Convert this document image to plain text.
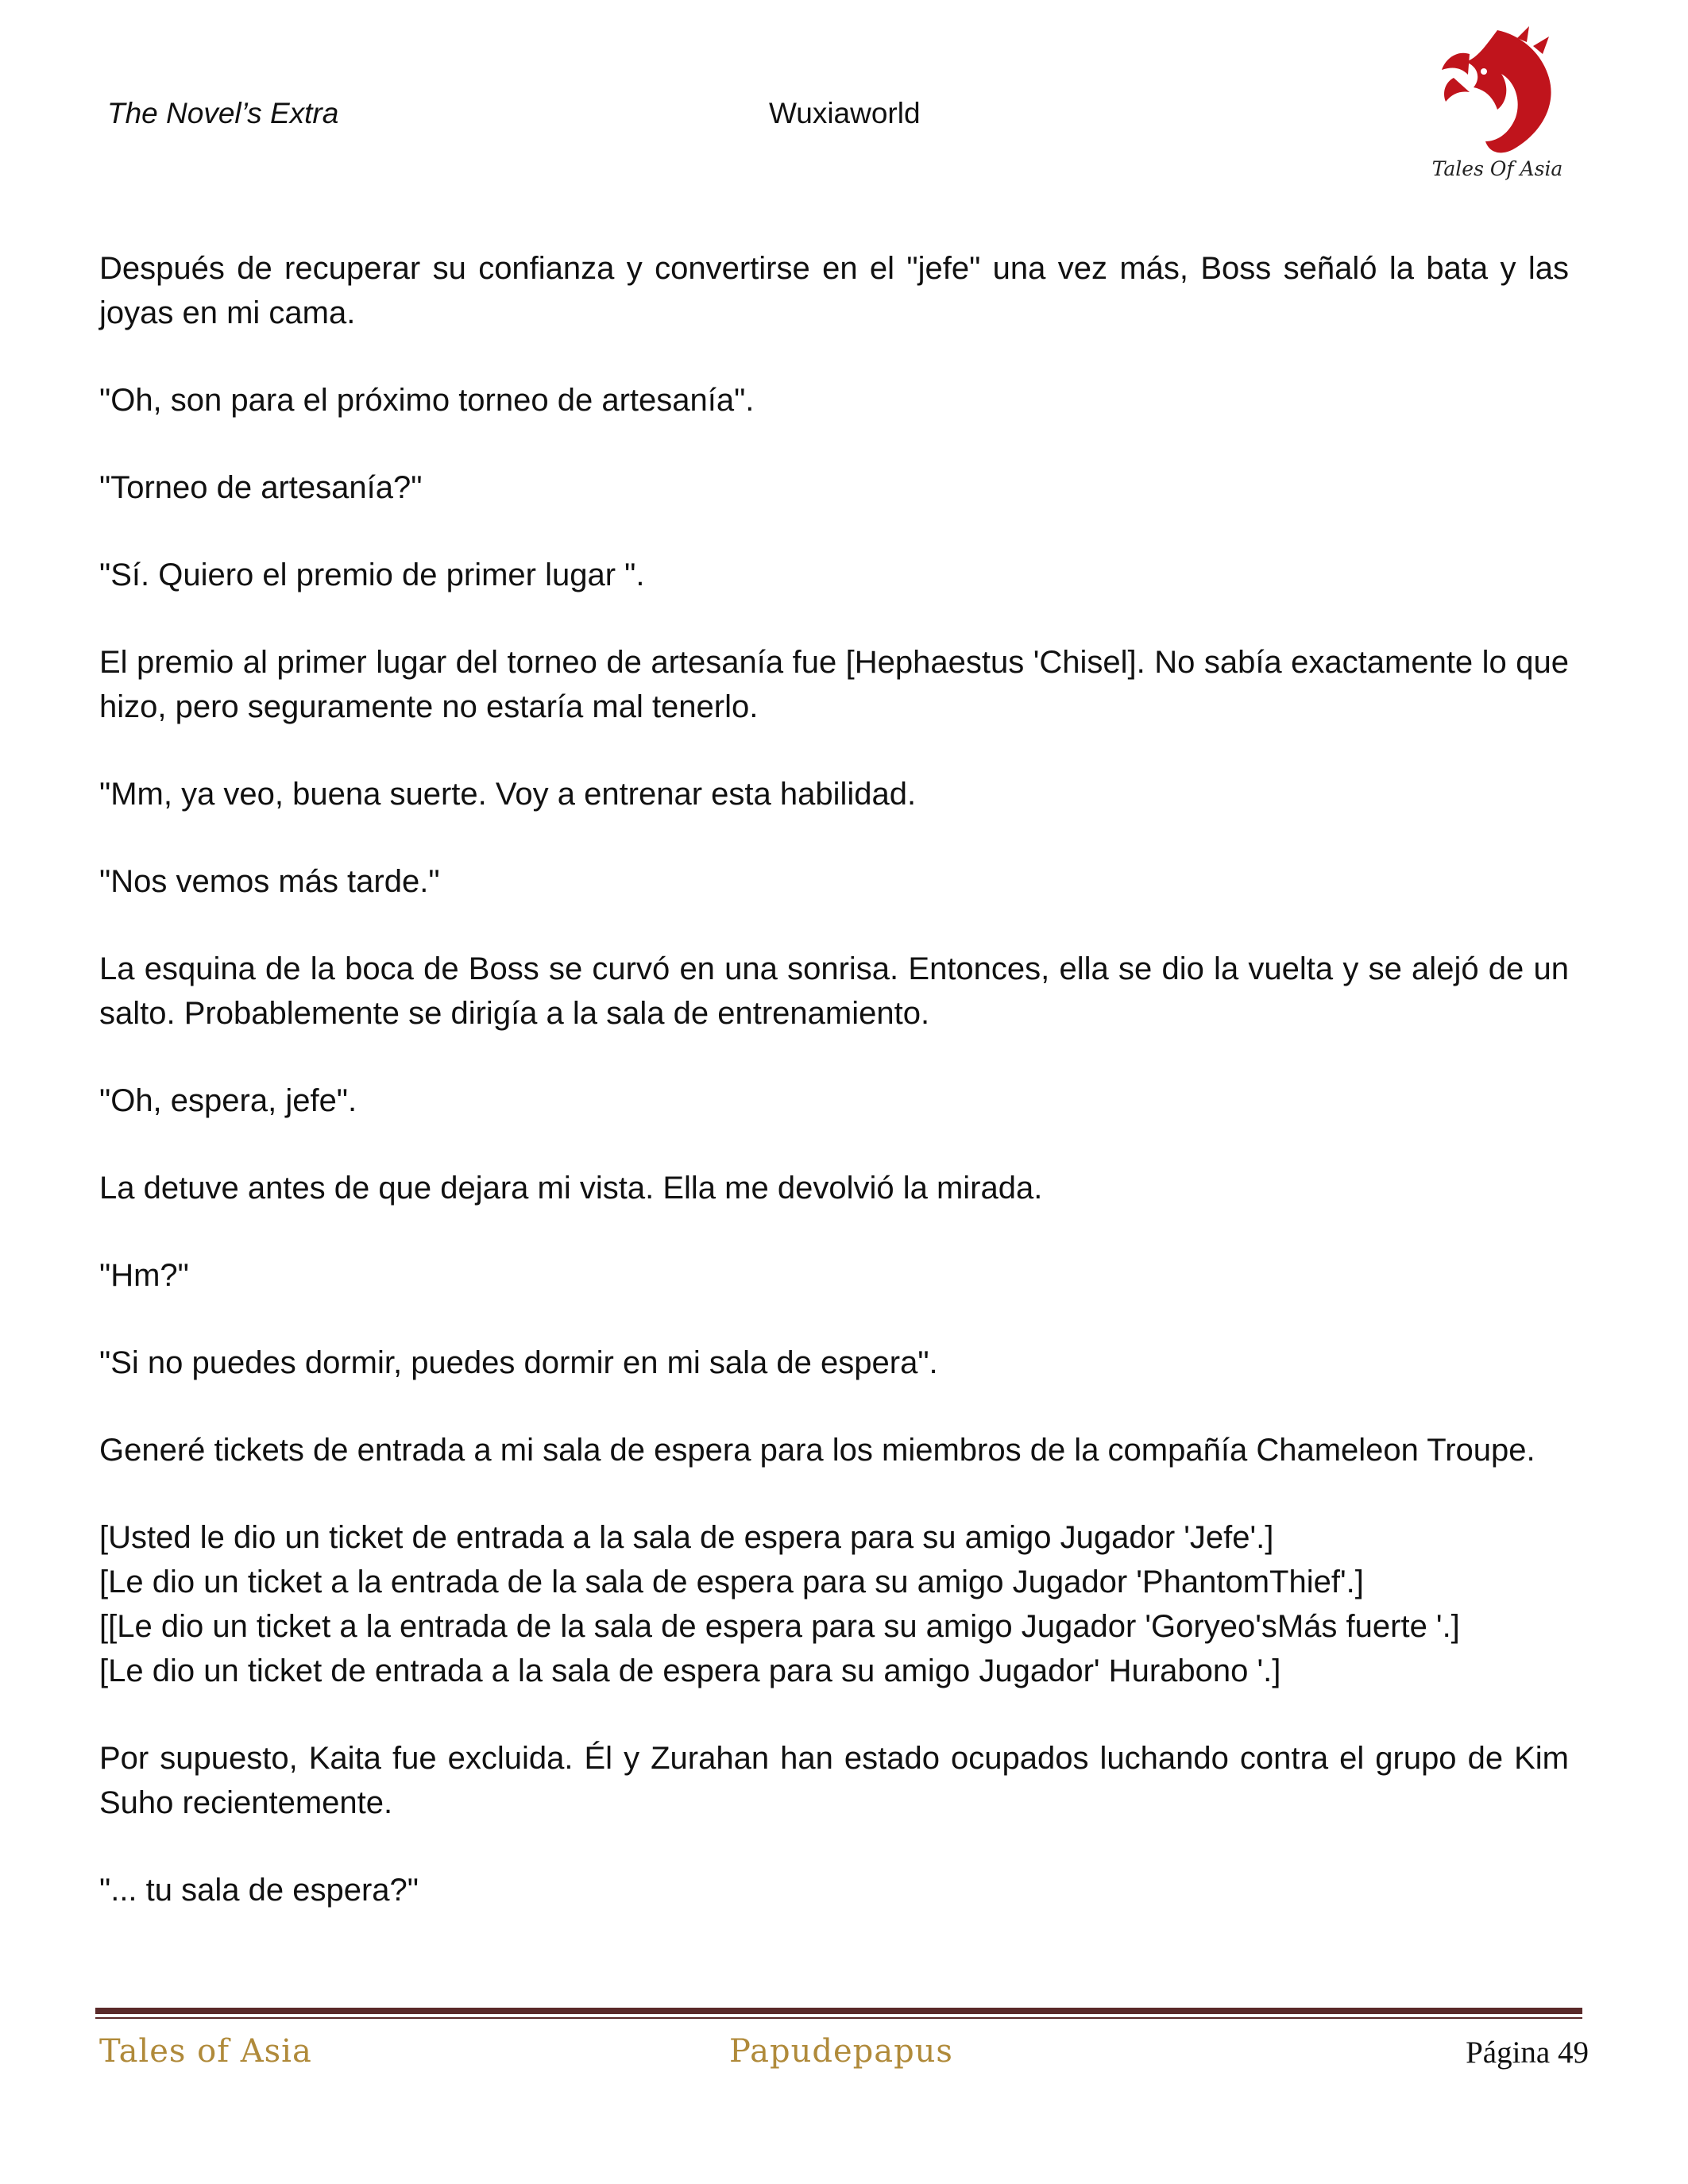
The Novel’s Extra	Wuxiaworld
Tales Of Asia

Después de recuperar su confianza y convertirse en el "jefe" una vez más, Boss señaló la bata y las joyas en mi cama.

"Oh, son para el próximo torneo de artesanía".

"Torneo de artesanía?"

"Sí. Quiero el premio de primer lugar ".

El premio al primer lugar del torneo de artesanía fue [Hephaestus 'Chisel]. No sabía exactamente lo que hizo, pero seguramente no estaría mal tenerlo.

"Mm, ya veo, buena suerte. Voy a entrenar esta habilidad.

"Nos vemos más tarde."

La esquina de la boca de Boss se curvó en una sonrisa. Entonces, ella se dio la vuelta y se alejó de un salto. Probablemente se dirigía a la sala de entrenamiento.

"Oh, espera, jefe".

La detuve antes de que dejara mi vista. Ella me devolvió la mirada.

"Hm?"

"Si no puedes dormir, puedes dormir en mi sala de espera".

Generé tickets de entrada a mi sala de espera para los miembros de la compañía Chameleon Troupe.

[Usted le dio un ticket de entrada a la sala de espera para su amigo Jugador 'Jefe'.]
[Le dio un ticket a la entrada de la sala de espera para su amigo Jugador 'PhantomThief'.]
[[Le dio un ticket a la entrada de la sala de espera para su amigo Jugador 'Goryeo'sMás fuerte '.]
[Le dio un ticket de entrada a la sala de espera para su amigo Jugador' Hurabono '.]

Por supuesto, Kaita fue excluida. Él y Zurahan han estado ocupados luchando contra el grupo de Kim Suho recientemente.

"... tu sala de espera?"

Tales of Asia	Papudepapus	Página 49
